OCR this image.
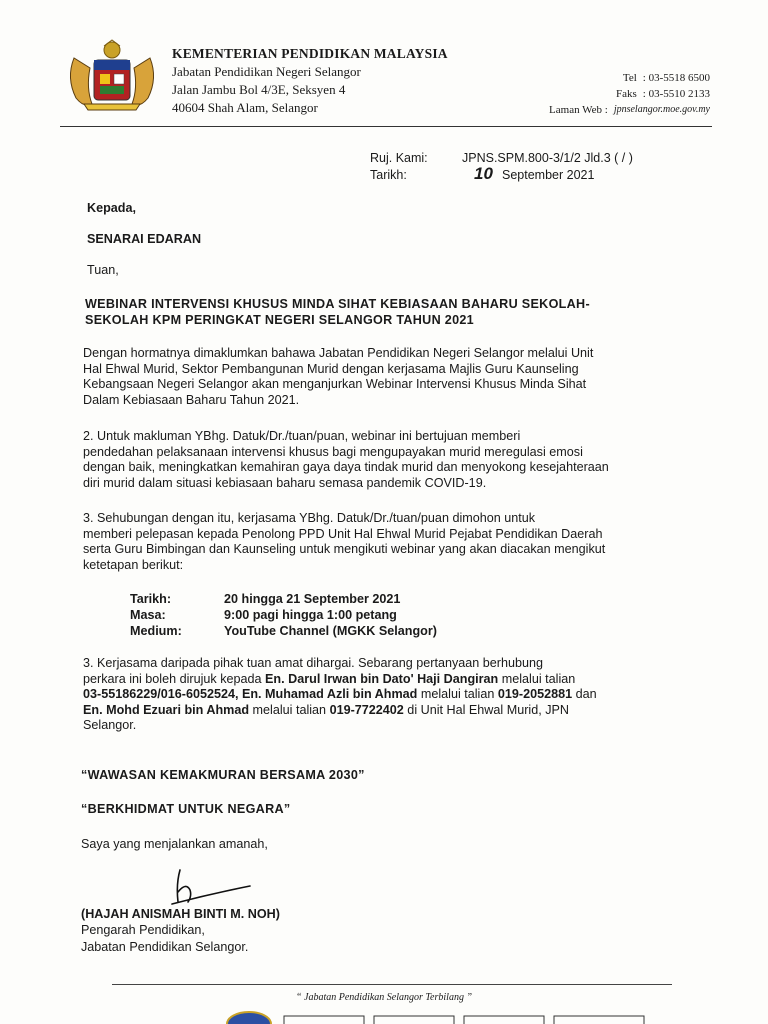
KEMENTERIAN PENDIDIKAN MALAYSIA
Jabatan Pendidikan Negeri Selangor
Jalan Jambu Bol 4/3E, Seksyen 4
40604 Shah Alam, Selangor
Tel : 03-5518 6500
Faks : 03-5510 2133
Laman Web : jpnselangor.moe.gov.my
Ruj. Kami:	JPNS.SPM.800-3/1/2 Jld.3 ( / )
Tarikh:	10 September 2021
Kepada,
SENARAI EDARAN
Tuan,
WEBINAR INTERVENSI KHUSUS MINDA SIHAT KEBIASAAN BAHARU SEKOLAH-
SEKOLAH KPM PERINGKAT NEGERI SELANGOR TAHUN 2021
Dengan hormatnya dimaklumkan bahawa Jabatan Pendidikan Negeri Selangor melalui Unit
Hal Ehwal Murid, Sektor Pembangunan Murid dengan kerjasama Majlis Guru Kaunseling
Kebangsaan Negeri Selangor akan menganjurkan Webinar Intervensi Khusus Minda Sihat
Dalam Kebiasaan Baharu Tahun 2021.
2. Untuk makluman YBhg. Datuk/Dr./tuan/puan, webinar ini bertujuan memberi
pendedahan pelaksanaan intervensi khusus bagi mengupayakan murid meregulasi emosi
dengan baik, meningkatkan kemahiran gaya daya tindak murid dan menyokong kesejahteraan
diri murid dalam situasi kebiasaan baharu semasa pandemik COVID-19.
3. Sehubungan dengan itu, kerjasama YBhg. Datuk/Dr./tuan/puan dimohon untuk
memberi pelepasan kepada Penolong PPD Unit Hal Ehwal Murid Pejabat Pendidikan Daerah
serta Guru Bimbingan dan Kaunseling untuk mengikuti webinar yang akan diacakan mengikut
ketetapan berikut:
Tarikh:	20 hingga 21 September 2021
Masa:	9:00 pagi hingga 1:00 petang
Medium:	YouTube Channel (MGKK Selangor)
3. Kerjasama daripada pihak tuan amat dihargai. Sebarang pertanyaan berhubung
perkara ini boleh dirujuk kepada En. Darul Irwan bin Dato' Haji Dangiran melalui talian
03-55186229/016-6052524, En. Muhamad Azli bin Ahmad melalui talian 019-2052881 dan
En. Mohd Ezuari bin Ahmad melalui talian 019-7722402 di Unit Hal Ehwal Murid, JPN
Selangor.
“WAWASAN KEMAKMURAN BERSAMA 2030”
“BERKHIDMAT UNTUK NEGARA”
Saya yang menjalankan amanah,
(HAJAH ANISMAH BINTI M. NOH)
Pengarah Pendidikan,
Jabatan Pendidikan Selangor.
“ Jabatan Pendidikan Selangor Terbilang ”
